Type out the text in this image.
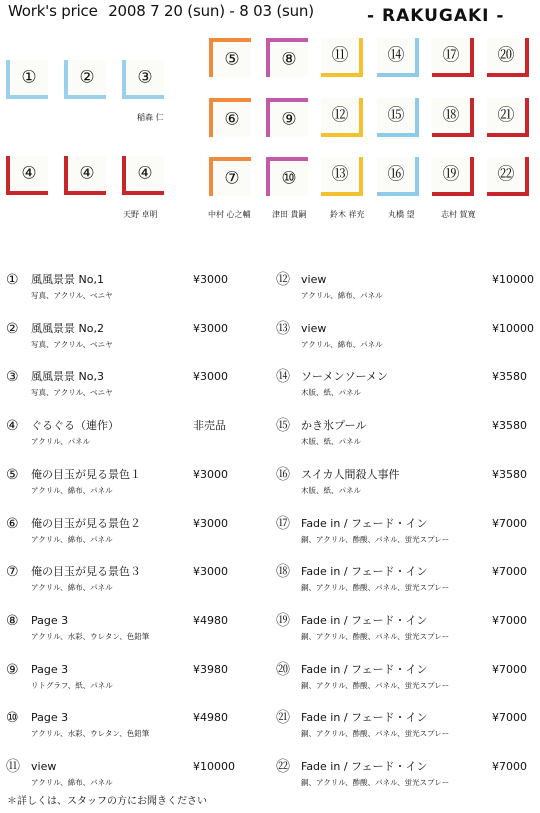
Work's price 2008 7 20 (sun) - 8 03 (sun)	- RAKUGAKI -
①	②	③
④	④	④
⑤	⑧	⑪	⑭	⑰	⑳
⑥	⑨	⑫	⑮	⑱	㉑
⑦	⑩	⑬	⑯	⑲	㉒
稲森 仁
天野 卓明	中村 心之輔	津田 貴嗣	鈴木 祥充	丸橋 望	志村 賀寛
① 風風景景 No,1	¥3000
写真、アクリル、ベニヤ
② 風風景景 No,2	¥3000
写真、アクリル、ベニヤ
③ 風風景景 No,3	¥3000
写真、アクリル、ベニヤ
④ ぐるぐる（連作）	非売品
アクリル、パネル
⑤ 俺の目玉が見る景色１	¥3000
アクリル、綿布、パネル
⑥ 俺の目玉が見る景色２	¥3000
アクリル、綿布、パネル
⑦ 俺の目玉が見る景色３	¥3000
アクリル、綿布、パネル
⑧ Page 3	¥4980
アクリル、水彩、ウレタン、色鉛筆
⑨ Page 3	¥3980
リトグラフ、紙、パネル
⑩ Page 3	¥4980
アクリル、水彩、ウレタン、色鉛筆
⑪ view	¥10000
アクリル、綿布、パネル
⑫ view	¥10000
アクリル、綿布、パネル
⑬ view	¥10000
アクリル、綿布、パネル
⑭ ソーメンソーメン	¥3580
木版、紙、パネル
⑮ かき氷プール	¥3580
木版、紙、パネル
⑯ スイカ人間殺人事件	¥3580
木版、紙、パネル
⑰ Fade in / フェード・イン	¥7000
銅、アクリル、酢酸、パネル、蛍光スプレー
⑱ Fade in / フェード・イン	¥7000
銅、アクリル、酢酸、パネル、蛍光スプレー
⑲ Fade in / フェード・イン	¥7000
銅、アクリル、酢酸、パネル、蛍光スプレー
⑳ Fade in / フェード・イン	¥7000
銅、アクリル、酢酸、パネル、蛍光スプレー
㉑ Fade in / フェード・イン	¥7000
銅、アクリル、酢酸、パネル、蛍光スプレー
㉒ Fade in / フェード・イン	¥7000
銅、アクリル、酢酸、パネル、蛍光スプレー
＊詳しくは、スタッフの方にお聞きください
